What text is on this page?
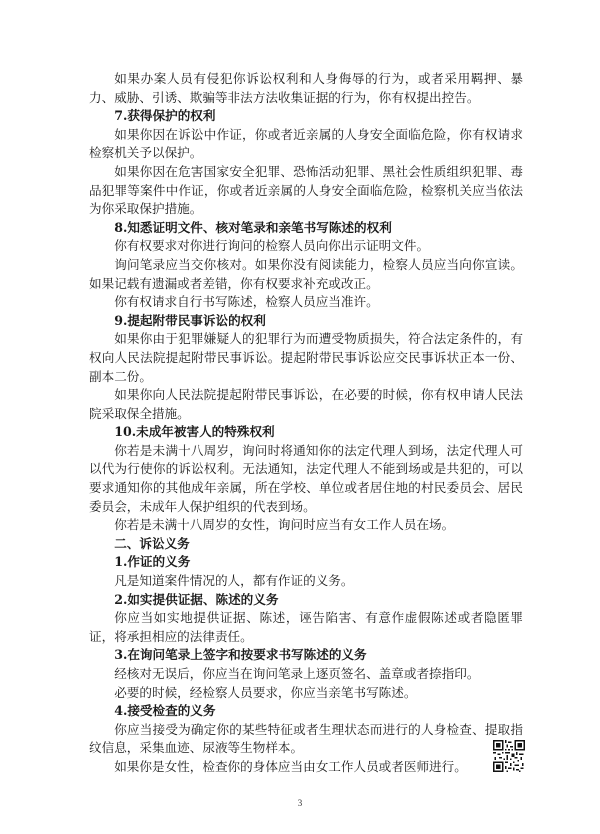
如果办案人员有侵犯你诉讼权利和人身侮辱的行为，或者采用羁押、暴力、威胁、引诱、欺骗等非法方法收集证据的行为，你有权提出控告。

7.获得保护的权利

如果你因在诉讼中作证，你或者近亲属的人身安全面临危险，你有权请求检察机关予以保护。

如果你因在危害国家安全犯罪、恐怖活动犯罪、黑社会性质组织犯罪、毒品犯罪等案件中作证，你或者近亲属的人身安全面临危险，检察机关应当依法为你采取保护措施。

8.知悉证明文件、核对笔录和亲笔书写陈述的权利

你有权要求对你进行询问的检察人员向你出示证明文件。

询问笔录应当交你核对。如果你没有阅读能力，检察人员应当向你宣读。如果记载有遗漏或者差错，你有权要求补充或改正。

你有权请求自行书写陈述，检察人员应当准许。

9.提起附带民事诉讼的权利

如果你由于犯罪嫌疑人的犯罪行为而遭受物质损失，符合法定条件的，有权向人民法院提起附带民事诉讼。提起附带民事诉讼应交民事诉状正本一份、副本二份。

如果你向人民法院提起附带民事诉讼，在必要的时候，你有权申请人民法院采取保全措施。

10.未成年被害人的特殊权利

你若是未满十八周岁，询问时将通知你的法定代理人到场，法定代理人可以代为行使你的诉讼权利。无法通知，法定代理人不能到场或是共犯的，可以要求通知你的其他成年亲属，所在学校、单位或者居住地的村民委员会、居民委员会，未成年人保护组织的代表到场。

你若是未满十八周岁的女性，询问时应当有女工作人员在场。

二、诉讼义务

1.作证的义务

凡是知道案件情况的人，都有作证的义务。

2.如实提供证据、陈述的义务

你应当如实地提供证据、陈述，诬告陷害、有意作虚假陈述或者隐匿罪证，将承担相应的法律责任。

3.在询问笔录上签字和按要求书写陈述的义务

经核对无误后，你应当在询问笔录上逐页签名、盖章或者捺指印。

必要的时候，经检察人员要求，你应当亲笔书写陈述。

4.接受检查的义务

你应当接受为确定你的某些特征或者生理状态而进行的人身检查、提取指纹信息，采集血迹、尿液等生物样本。

如果你是女性，检查你的身体应当由女工作人员或者医师进行。

3
